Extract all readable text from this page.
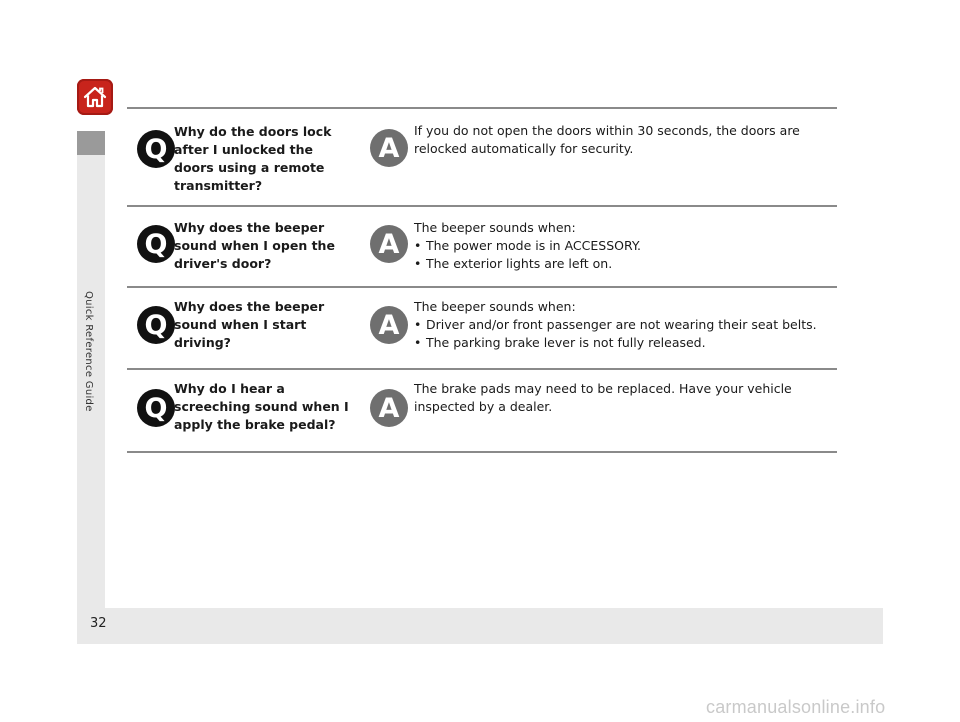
Quick Reference Guide
Q
Why do the doors lock after I unlocked the doors using a remote transmitter?
A
If you do not open the doors within 30 seconds, the doors are relocked automatically for security.
Q
Why does the beeper sound when I open the driver's door?
A
The beeper sounds when:
• The power mode is in ACCESSORY.
• The exterior lights are left on.
Q
Why does the beeper sound when I start driving?
A
The beeper sounds when:
• Driver and/or front passenger are not wearing their seat belts.
• The parking brake lever is not fully released.
Q
Why do I hear a screeching sound when I apply the brake pedal?
A
The brake pads may need to be replaced. Have your vehicle inspected by a dealer.
32
carmanualsonline.info
